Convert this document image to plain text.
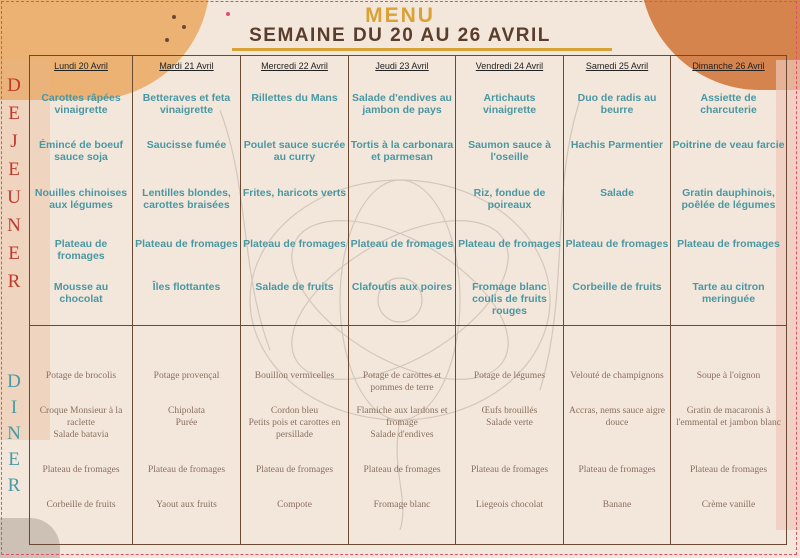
MENU
SEMAINE DU 20 AU 26 AVRIL
D
E
J
E
U
N
E
R
D
I
N
E
R
Lundi 20 Avril
Carottes râpées vinaigrette
Émincé de boeuf sauce soja
Nouilles chinoises aux légumes
Plateau de fromages
Mousse au chocolat
Potage de brocolis
Croque Monsieur à la raclette
Salade batavia
Plateau de fromages
Corbeille de fruits
Mardi 21 Avril
Betteraves et feta vinaigrette
Saucisse fumée
Lentilles blondes, carottes braisées
Plateau de fromages
Îles flottantes
Potage provençal
Chipolata
Purée
Plateau de fromages
Yaout aux fruits
Mercredi 22 Avril
Rillettes du Mans
Poulet sauce sucrée au curry
Frites, haricots verts
Plateau de fromages
Salade de fruits
Bouillon vermicelles
Cordon bleu
Petits pois et carottes en persillade
Plateau de fromages
Compote
Jeudi 23 Avril
Salade d'endives au jambon de pays
Tortis à la carbonara et parmesan
Plateau de fromages
Clafoutis aux poires
Potage de carottes et pommes de terre
Flamiche aux lardons et fromage
Salade d'endives
Plateau de fromages
Fromage blanc
Vendredi 24 Avril
Artichauts vinaigrette
Saumon sauce à l'oseille
Riz, fondue de poireaux
Plateau de fromages
Fromage blanc coulis de fruits rouges
Potage de légumes
Œufs brouillés
Salade verte
Plateau de fromages
Liegeois chocolat
Samedi 25 Avril
Duo de radis au beurre
Hachis Parmentier
Salade
Plateau de fromages
Corbeille de fruits
Velouté de champignons
Accras, nems sauce aigre douce
Plateau de fromages
Banane
Dimanche 26 Avril
Assiette de charcuterie
Poitrine de veau farcie
Gratin dauphinois, poêlée de légumes
Plateau de fromages
Tarte au citron meringuée
Soupe à l'oignon
Gratin de macaronis à l'emmental et jambon blanc
Plateau de fromages
Crème vanille
